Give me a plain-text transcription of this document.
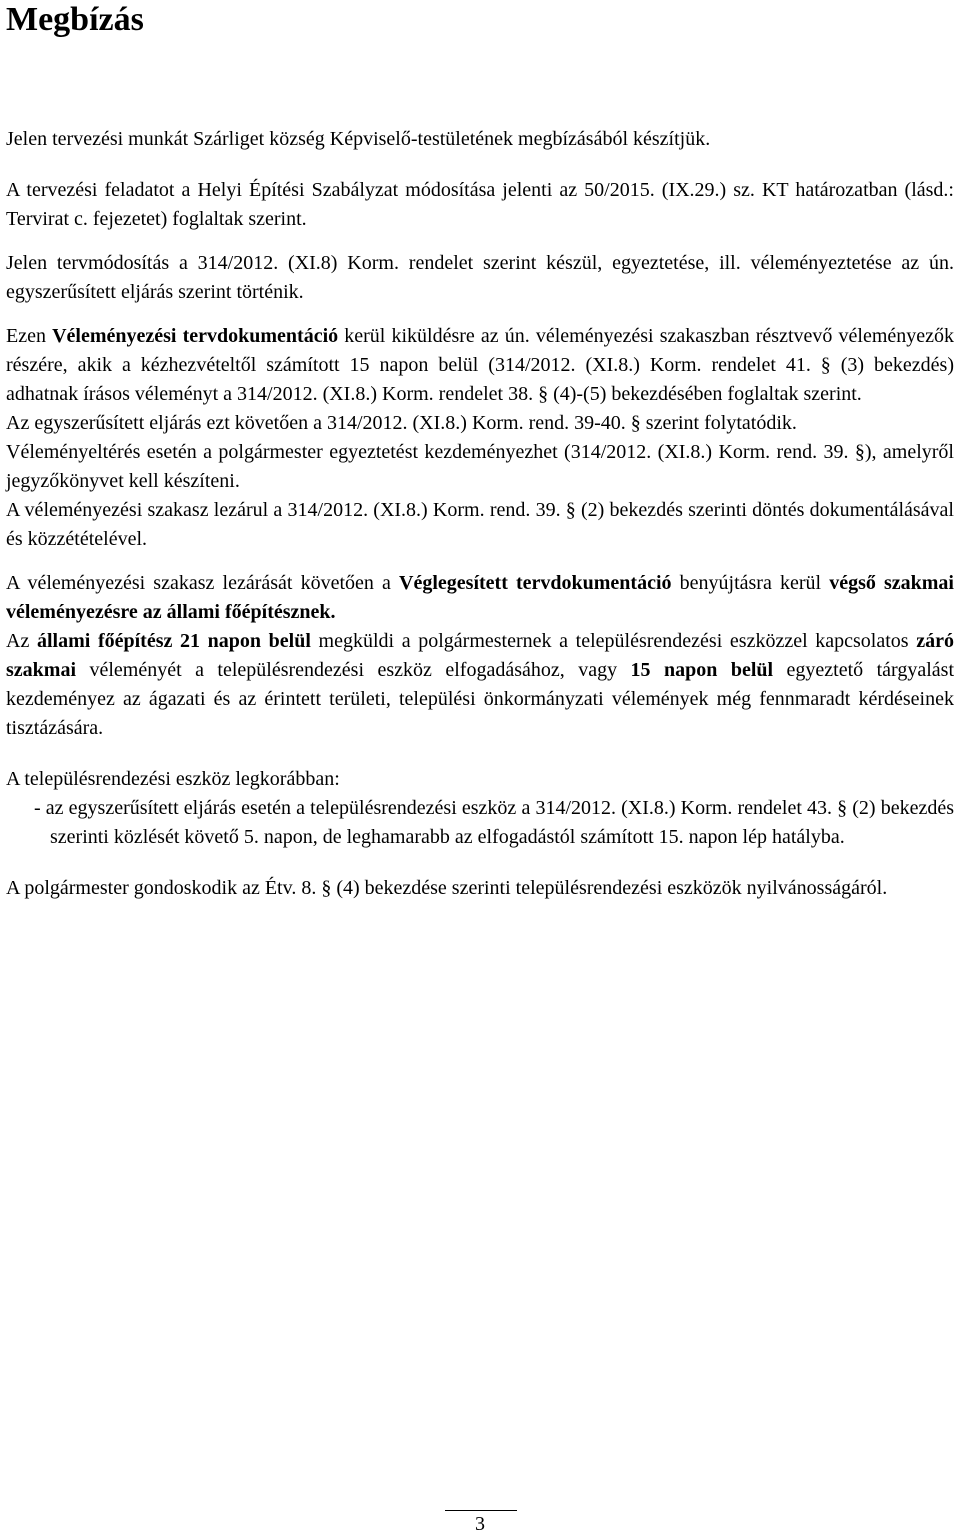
Megbízás

Jelen tervezési munkát Szárliget község Képviselő-testületének megbízásából készítjük.

A tervezési feladatot a Helyi Építési Szabályzat módosítása jelenti az 50/2015. (IX.29.) sz. KT határozatban (lásd.: Tervirat c. fejezetet) foglaltak szerint.

Jelen tervmódosítás a 314/2012. (XI.8) Korm. rendelet szerint készül, egyeztetése, ill. véleményeztetése az ún. egyszerűsített eljárás szerint történik.

Ezen Véleményezési tervdokumentáció kerül kiküldésre az ún. véleményezési szakaszban résztvevő véleményezők részére, akik a kézhezvételtől számított 15 napon belül (314/2012. (XI.8.) Korm. rendelet 41. § (3) bekezdés) adhatnak írásos véleményt a 314/2012. (XI.8.) Korm. rendelet 38. § (4)-(5) bekezdésében foglaltak szerint.

Az egyszerűsített eljárás ezt követően a 314/2012. (XI.8.) Korm. rend. 39-40. § szerint folytatódik.

Véleményeltérés esetén a polgármester egyeztetést kezdeményezhet (314/2012. (XI.8.) Korm. rend. 39. §), amelyről jegyzőkönyvet kell készíteni.

A véleményezési szakasz lezárul a 314/2012. (XI.8.) Korm. rend. 39. § (2) bekezdés szerinti döntés dokumentálásával és közzétételével.

A véleményezési szakasz lezárását követően a Véglegesített tervdokumentáció benyújtásra kerül végső szakmai véleményezésre az állami főépítésznek.

Az állami főépítész 21 napon belül megküldi a polgármesternek a településrendezési eszközzel kapcsolatos záró szakmai véleményét a településrendezési eszköz elfogadásához, vagy 15 napon belül egyeztető tárgyalást kezdeményez az ágazati és az érintett területi, települési önkormányzati vélemények még fennmaradt kérdéseinek tisztázására.

A településrendezési eszköz legkorábban:

- az egyszerűsített eljárás esetén a településrendezési eszköz a 314/2012. (XI.8.) Korm. rendelet 43. § (2) bekezdés szerinti közlését követő 5. napon, de leghamarabb az elfogadástól számított 15. napon lép hatályba.

A polgármester gondoskodik az Étv. 8. § (4) bekezdése szerinti településrendezési eszközök nyilvánosságáról.

3
